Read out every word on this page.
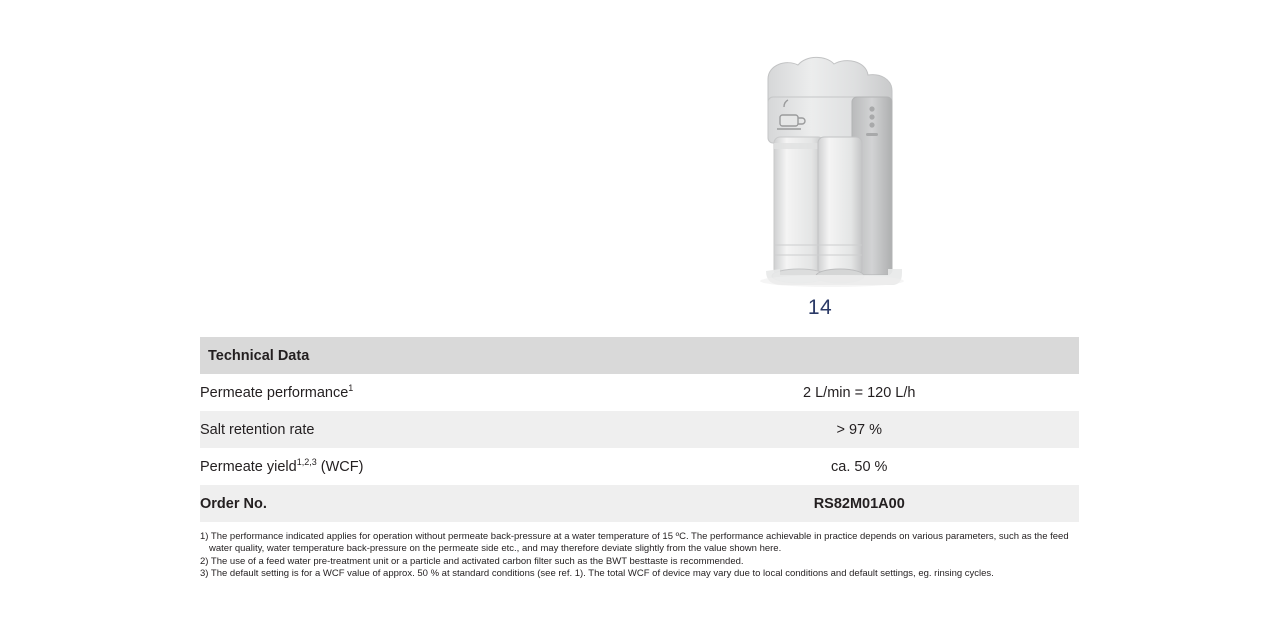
14
Technical Data	
Permeate performance$^1$	2 L/min = 120 L/h
Salt retention rate	> 97 %
Permeate yield$^{1,2,3}$ (WCF)	ca. 50 %
Order No.	RS82M01A00

1) The performance indicated applies for operation without permeate back-pressure at a water temperature of 15 ºC. The performance achievable in practice depends on various parameters, such as the feed water quality, water temperature back-pressure on the permeate side etc., and may therefore deviate slightly from the value shown here.

2) The use of a feed water pre-treatment unit or a particle and activated carbon filter such as the BWT besttaste is recommended.

3) The default setting is for a WCF value of approx. 50 % at standard conditions (see ref. 1). The total WCF of device may vary due to local conditions and default settings, eg. rinsing cycles.
